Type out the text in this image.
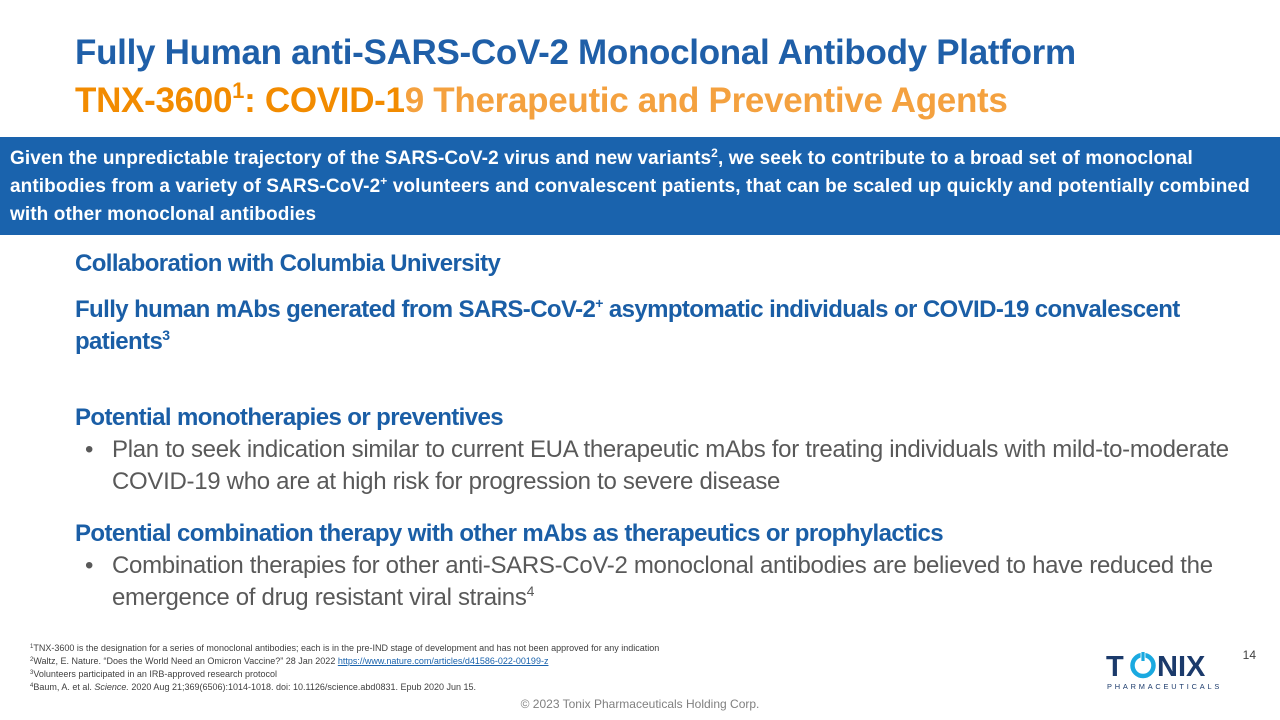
Fully Human anti-SARS-CoV-2 Monoclonal Antibody Platform
TNX-3600$^1$: COVID-19 Therapeutic and Preventive Agents
Given the unpredictable trajectory of the SARS-CoV-2 virus and new variants$^2$, we seek to contribute to a broad set of monoclonal antibodies from a variety of SARS-CoV-2+ volunteers and convalescent patients, that can be scaled up quickly and potentially combined with other monoclonal antibodies

Collaboration with Columbia University

Fully human mAbs generated from SARS-CoV-2+ asymptomatic individuals or COVID-19 convalescent patients$^3$

Potential monotherapies or preventives

• Plan to seek indication similar to current EUA therapeutic mAbs for treating individuals with mild-to-moderate COVID-19 who are at high risk for progression to severe disease

Potential combination therapy with other mAbs as therapeutics or prophylactics

• Combination therapies for other anti-SARS-CoV-2 monoclonal antibodies are believed to have reduced the emergence of drug resistant viral strains$^4$

$^1$TNX-3600 is the designation for a series of monoclonal antibodies; each is in the pre-IND stage of development and has not been approved for any indication

$^2$Waltz, E. Nature. “Does the World Need an Omicron Vaccine?” 28 Jan 2022 https://www.nature.com/articles/d41586-022-00199-z

$^3$Volunteers participated in an IRB-approved research protocol

$^4$Baum, A. et al. Science. 2020 Aug 21;369(6506):1014-1018. doi: 10.1126/science.abd0831. Epub 2020 Jun 15.

14
T NIX
PHARMACEUTICALS
© 2023 Tonix Pharmaceuticals Holding Corp.
